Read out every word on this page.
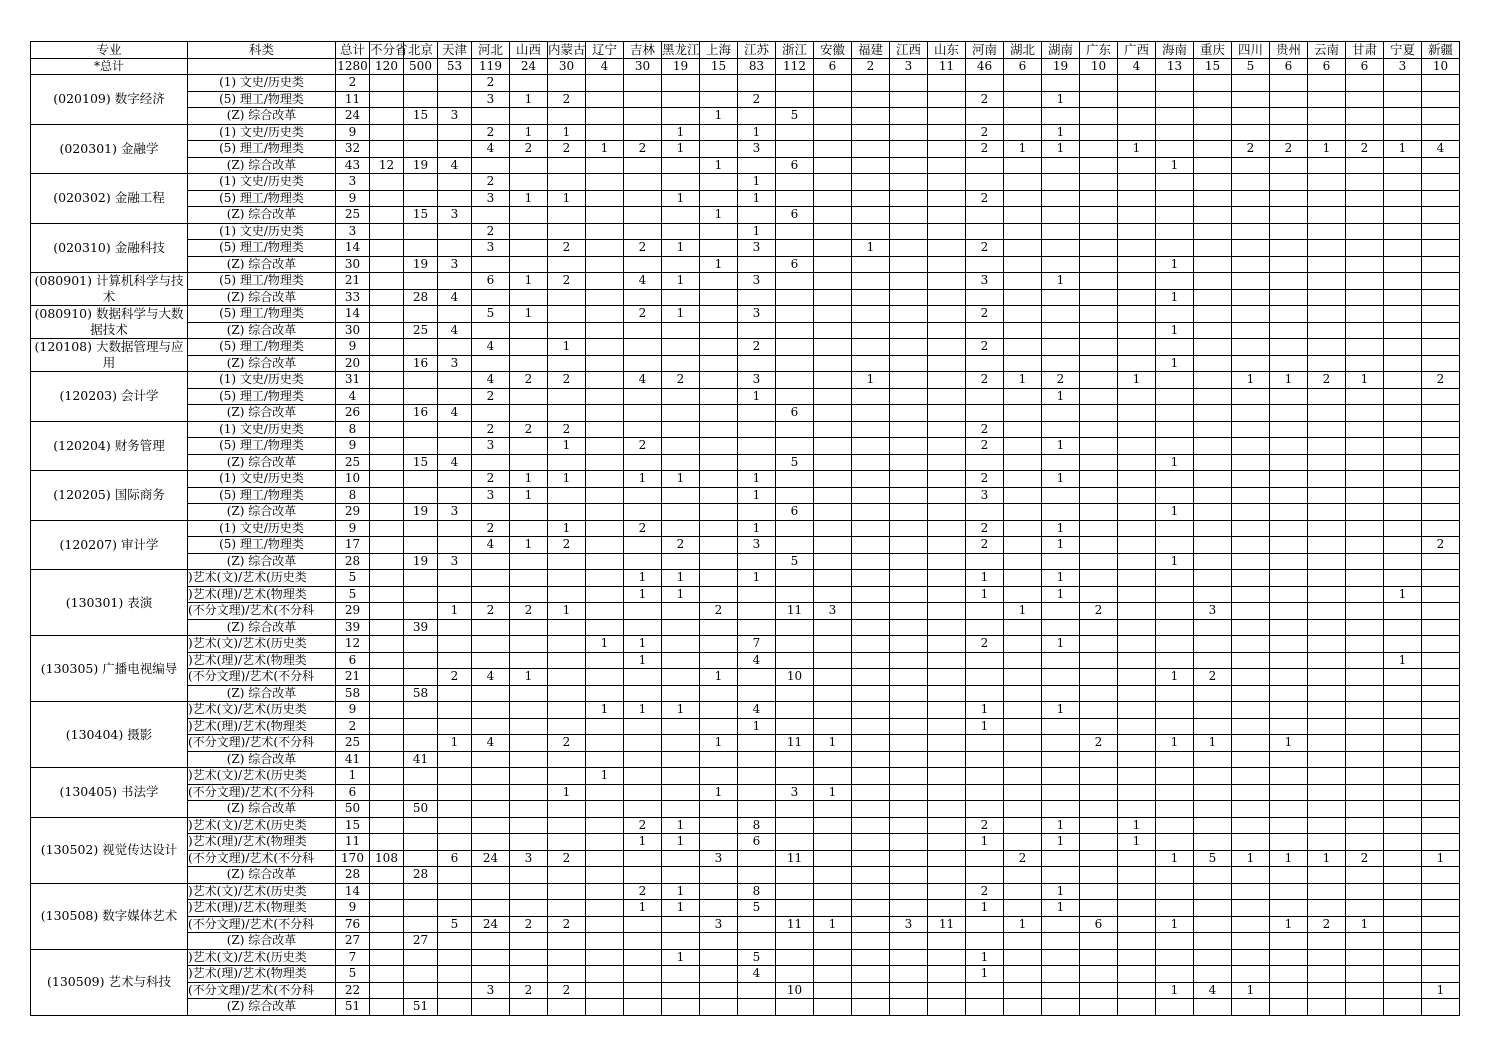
专业	科类	总计	不分省	北京	天津	河北	山西	内蒙古	辽宁	吉林	黑龙江	上海	江苏	浙江	安徽	福建	江西	山东	河南	湖北	湖南	广东	广西	海南	重庆	四川	贵州	云南	甘肃	宁夏	新疆
*总计		1280	120	500	53	119	24	30	4	30	19	15	83	112	6	2	3	11	46	6	19	10	4	13	15	5	6	6	6	3	10
(020109) 数字经济	(1) 文史/历史类	2				2																									
	(5) 理工/物理类	11				3	1	2					2						2		1										
	(Z) 综合改革	24		15	3							1		5																	
(020301) 金融学	(1) 文史/历史类	9				2	1	1			1		1						2		1										
	(5) 理工/物理类	32				4	2	2	1	2	1		3						2	1	1		1			2	2	1	2	1	4
	(Z) 综合改革	43	12	19	4							1		6										1							
(020302) 金融工程	(1) 文史/历史类	3				2							1																		
	(5) 理工/物理类	9				3	1	1			1		1						2												
	(Z) 综合改革	25		15	3							1		6																	
(020310) 金融科技	(1) 文史/历史类	3				2							1																		
	(5) 理工/物理类	14				3		2		2	1		3			1			2												
	(Z) 综合改革	30		19	3							1		6										1							
(080901) 计算机科学与技术	(5) 理工/物理类	21				6	1	2		4	1		3						3		1										
	(Z) 综合改革	33		28	4																			1							
(080910) 数据科学与大数据技术	(5) 理工/物理类	14				5	1			2	1		3						2												
	(Z) 综合改革	30		25	4																			1							
(120108) 大数据管理与应用	(5) 理工/物理类	9				4		1					2						2												
	(Z) 综合改革	20		16	3																			1							
(120203) 会计学	(1) 文史/历史类	31				4	2	2		4	2		3			1			2	1	2		1			1	1	2	1		2
	(5) 理工/物理类	4				2							1								1										
	(Z) 综合改革	26		16	4									6																	
(120204) 财务管理	(1) 文史/历史类	8				2	2	2											2												
	(5) 理工/物理类	9				3		1		2									2		1										
	(Z) 综合改革	25		15	4									5										1							
(120205) 国际商务	(1) 文史/历史类	10				2	1	1		1	1		1						2		1										
	(5) 理工/物理类	8				3	1						1						3												
	(Z) 综合改革	29		19	3									6										1							
(120207) 审计学	(1) 文史/历史类	9				2		1		2			1						2		1										
	(5) 理工/物理类	17				4	1	2			2		3						2		1										2
	(Z) 综合改革	28		19	3									5										1							
(130301) 表演	)艺术(文)/艺术(历史类	5								1	1		1						1		1										
	)艺术(理)/艺术(物理类	5								1	1								1		1									1	
	(不分文理)/艺术(不分科	29			1	2	2	1				2		11	3					1		2			3						
	(Z) 综合改革	39		39																											
(130305) 广播电视编导	)艺术(文)/艺术(历史类	12							1	1			7						2		1										
	)艺术(理)/艺术(物理类	6								1			4																	1	
	(不分文理)/艺术(不分科	21			2	4	1					1		10										1	2						
	(Z) 综合改革	58		58																											
(130404) 摄影	)艺术(文)/艺术(历史类	9							1	1	1		4						1		1										
	)艺术(理)/艺术(物理类	2											1						1												
	(不分文理)/艺术(不分科	25			1	4		2				1		11	1							2		1	1		1				
	(Z) 综合改革	41		41																											
(130405) 书法学	)艺术(文)/艺术(历史类	1							1																						
	(不分文理)/艺术(不分科	6						1				1		3	1																
	(Z) 综合改革	50		50																											
(130502) 视觉传达设计	)艺术(文)/艺术(历史类	15								2	1		8						2		1		1								
	)艺术(理)/艺术(物理类	11								1	1		6						1		1		1								
	(不分文理)/艺术(不分科	170	108		6	24	3	2				3		11						2				1	5	1	1	1	2		1
	(Z) 综合改革	28		28																											
(130508) 数字媒体艺术	)艺术(文)/艺术(历史类	14								2	1		8						2		1										
	)艺术(理)/艺术(物理类	9								1	1		5						1		1										
	(不分文理)/艺术(不分科	76			5	24	2	2				3		11	1		3	11		1		6		1			1	2	1		
	(Z) 综合改革	27		27																											
(130509) 艺术与科技	)艺术(文)/艺术(历史类	7									1		5						1												
	)艺术(理)/艺术(物理类	5											4						1												
	(不分文理)/艺术(不分科	22				3	2	2						10										1	4	1					1
	(Z) 综合改革	51		51																											
